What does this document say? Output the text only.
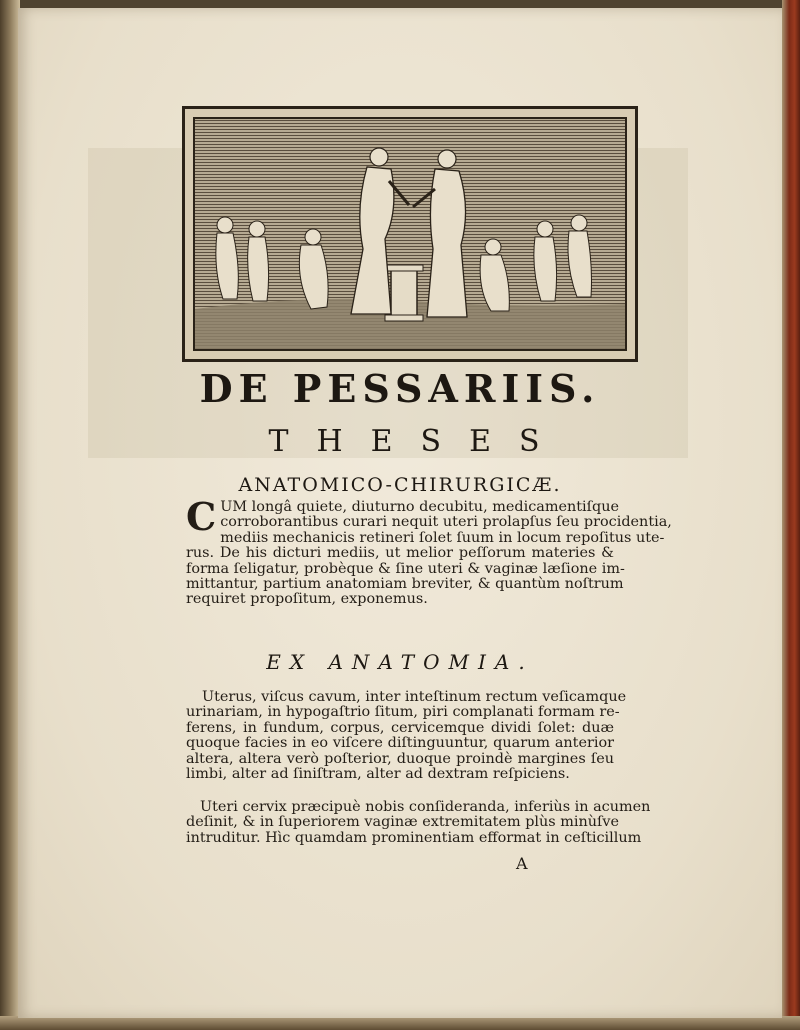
DE PESSARIIS.
THESES
ANATOMICO-CHIRURGICÆ.
C UM longâ quiete, diuturno decubitu, medicamentiſque
corroborantibus curari nequit uteri prolapſus ſeu procidentia,
mediis mechanicis retineri ſolet ſuum in locum repoſitus ute-
rus. De his dicturi mediis, ut melior peſſorum materies &
forma ſeligatur, probèque & ſine uteri & vaginæ læſione im-
mittantur, partium anatomiam breviter, & quantùm noſtrum
requiret propoſitum, exponemus.
EX ANATOMIA.
Uterus, viſcus cavum, inter inteſtinum rectum veſicamque
urinariam, in hypogaſtrio ſitum, piri complanati formam re-
ferens, in fundum, corpus, cervicemque dividi ſolet: duæ
quoque facies in eo viſcere diſtinguuntur, quarum anterior
altera, altera verò poſterior, duoque proindè margines ſeu
limbi, alter ad ſiniſtram, alter ad dextram reſpiciens.
Uteri cervix præcipuè nobis conſideranda, inferiùs in acumen
deſinit, & in ſuperiorem vaginæ extremitatem plùs minùſve
intruditur. Hìc quamdam prominentiam efformat in ceſticillum
A
